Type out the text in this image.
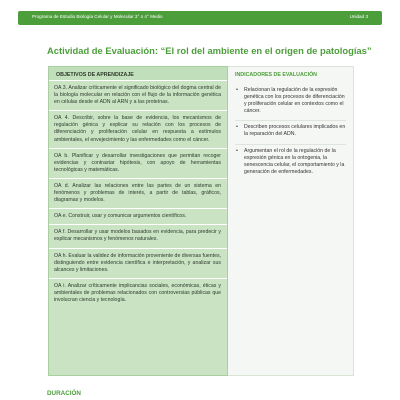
Programa de Estudio Biología Celular y Molecular 3° o 4° Medio	Unidad 3
Actividad de Evaluación: “El rol del ambiente en el origen de patologías”
OBJETIVOS DE APRENDIZAJE
OA 3. Analizar críticamente el significado biológico del dogma central de la biología molecular en relación con el flujo de la información genética en células desde el ADN al ARN y a las proteínas.
OA 4. Describir, sobre la base de evidencia, los mecanismos de regulación génica y explicar su relación con los procesos de diferenciación y proliferación celular en respuesta a estímulos ambientales, el envejecimiento y las enfermedades como el cáncer.
OA b. Planificar y desarrollar investigaciones que permitan recoger evidencias y contrastar hipótesis, con apoyo de herramientas tecnológicas y matemáticas.
OA d. Analizar las relaciones entre las partes de un sistema en fenómenos y problemas de interés, a partir de tablas, gráficos, diagramas y modelos.
OA e. Construir, usar y comunicar argumentos científicos.
OA f. Desarrollar y usar modelos basados en evidencia, para predecir y explicar mecanismos y fenómenos naturales.
OA h. Evaluar la validez de información proveniente de diversas fuentes, distinguiendo entre evidencia científica e interpretación, y analizar sus alcances y limitaciones.
OA i. Analizar críticamente implicancias sociales, económicas, éticas y ambientales de problemas relacionados con controversias públicas que involucran ciencia y tecnología.
INDICADORES DE EVALUACIÓN
• Relacionan la regulación de la expresión genética con los procesos de diferenciación y proliferación celular en contextos como el cáncer.
• Describen procesos celulares implicados en la reparación del ADN.
• Argumentan el rol de la regulación de la expresión génica en la ontogenia, la senescencia celular, el comportamiento y la generación de enfermedades.
DURACIÓN
